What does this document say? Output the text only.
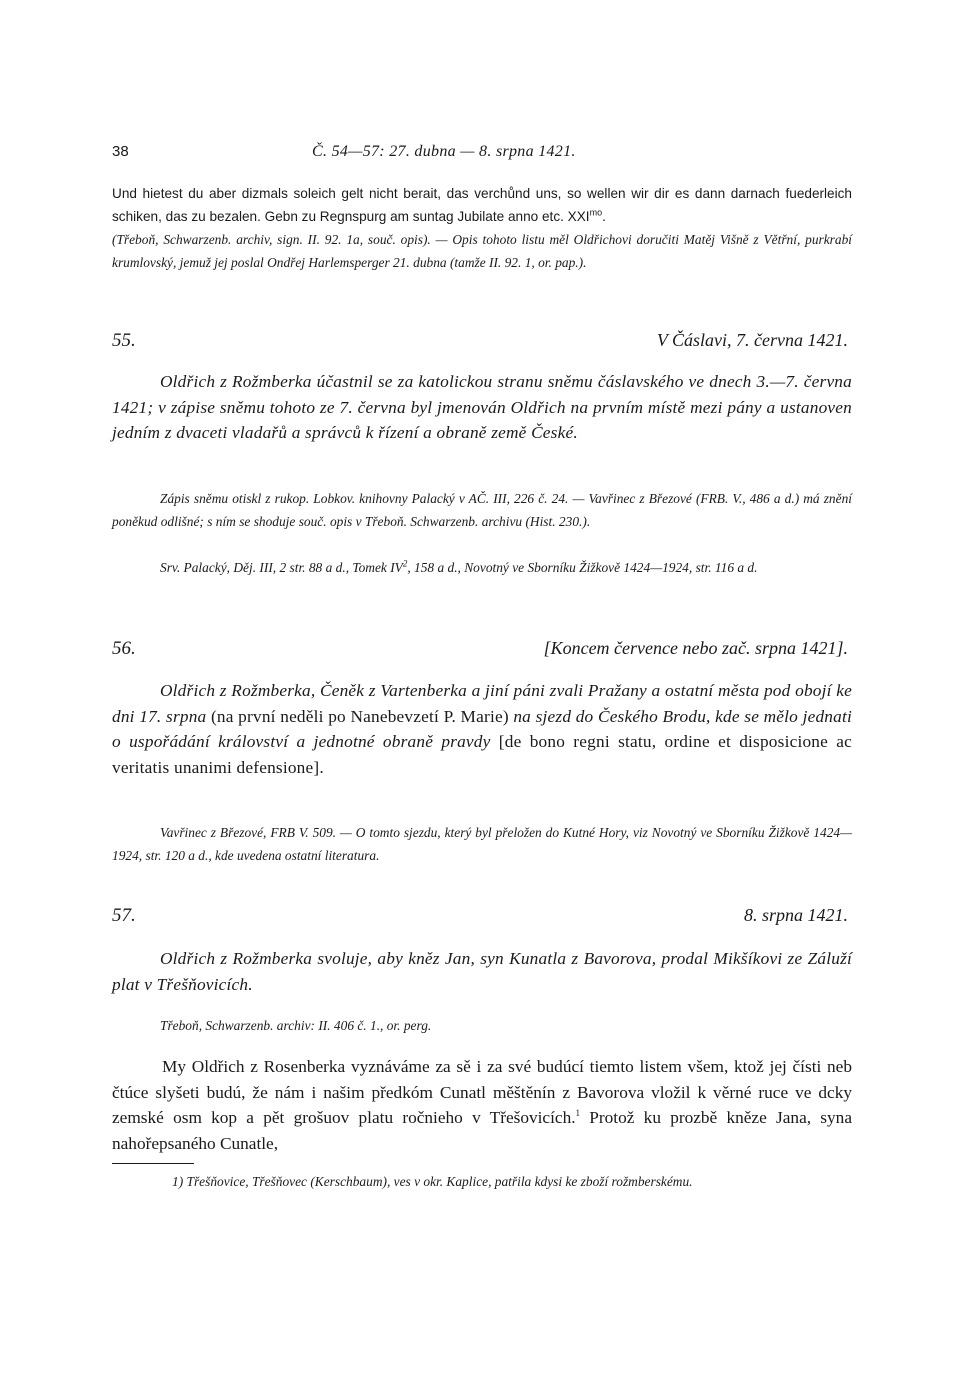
38	Č. 54—57: 27. dubna — 8. srpna 1421.
Und hietest du aber dizmals soleich gelt nicht berait, das verchůnd uns, so wellen wir dir es dann darnach fuederleich schiken, das zu bezalen. Gebn zu Regnspurg am suntag Jubilate anno etc. $XXI^{mo}$.
(Třeboň, Schwarzenb. archiv, sign. II. 92. 1a, souč. opis). — Opis tohoto listu měl Oldřichovi doručiti Matěj Višně z Větřní, purkrabí krumlovský, jemuž jej poslal Ondřej Harlemsperger 21. dubna (tamže II. 92. 1, or. pap.).
55.	V Čáslavi, 7. června 1421.
Oldřich z Rožmberka účastnil se za katolickou stranu sněmu čáslavského ve dnech 3.—7. června 1421; v zápise sněmu tohoto ze 7. června byl jmenován Oldřich na prvním místě mezi pány a ustanoven jedním z dvaceti vladařů a správců k řízení a obraně země České.
Zápis sněmu otiskl z rukop. Lobkov. knihovny Palacký v AČ. III, 226 č. 24. — Vavřinec z Březové (FRB. V., 486 a d.) má znění poněkud odlišné; s ním se shoduje souč. opis v Třeboň. Schwarzenb. archivu (Hist. 230.).
Srv. Palacký, Děj. III, 2 str. 88 a d., Tomek $IV^2$, 158 a d., Novotný ve Sborníku Žižkově 1424—1924, str. 116 a d.
56.	[Koncem července nebo zač. srpna 1421].
Oldřich z Rožmberka, Čeněk z Vartenberka a jiní páni zvali Pražany a ostatní města pod obojí ke dni 17. srpna (na první neděli po Nanebevzetí P. Marie) na sjezd do Českého Brodu, kde se mělo jednati o uspořádání království a jednotné obraně pravdy [de bono regni statu, ordine et disposicione ac veritatis unanimi defensione].
Vavřinec z Březové, FRB V. 509. — O tomto sjezdu, který byl přeložen do Kutné Hory, viz Novotný ve Sborníku Žižkově 1424—1924, str. 120 a d., kde uvedena ostatní literatura.
57.	8. srpna 1421.
Oldřich z Rožmberka svoluje, aby kněz Jan, syn Kunatla z Bavorova, prodal Mikšíkovi ze Záluží plat v Třešňovicích.
Třeboň, Schwarzenb. archiv: II. 406 č. 1., or. perg.
My Oldřich z Rosenberka vyznáváme za sě i za své budúcí tiemto listem všem, ktož jej čísti neb čtúce slyšeti budú, že nám i našim předkóm Cunatl měštěnín z Bavorova vložil k věrné ruce ve dcky zemské osm kop a pět grošuov platu ročnieho v Třešovicích.$^1$ Protož ku prozbě kněze Jana, syna nahořepsaného Cunatle,
1) Třešňovice, Třešňovec (Kerschbaum), ves v okr. Kaplice, patřila kdysi ke zboží rožmberskému.
